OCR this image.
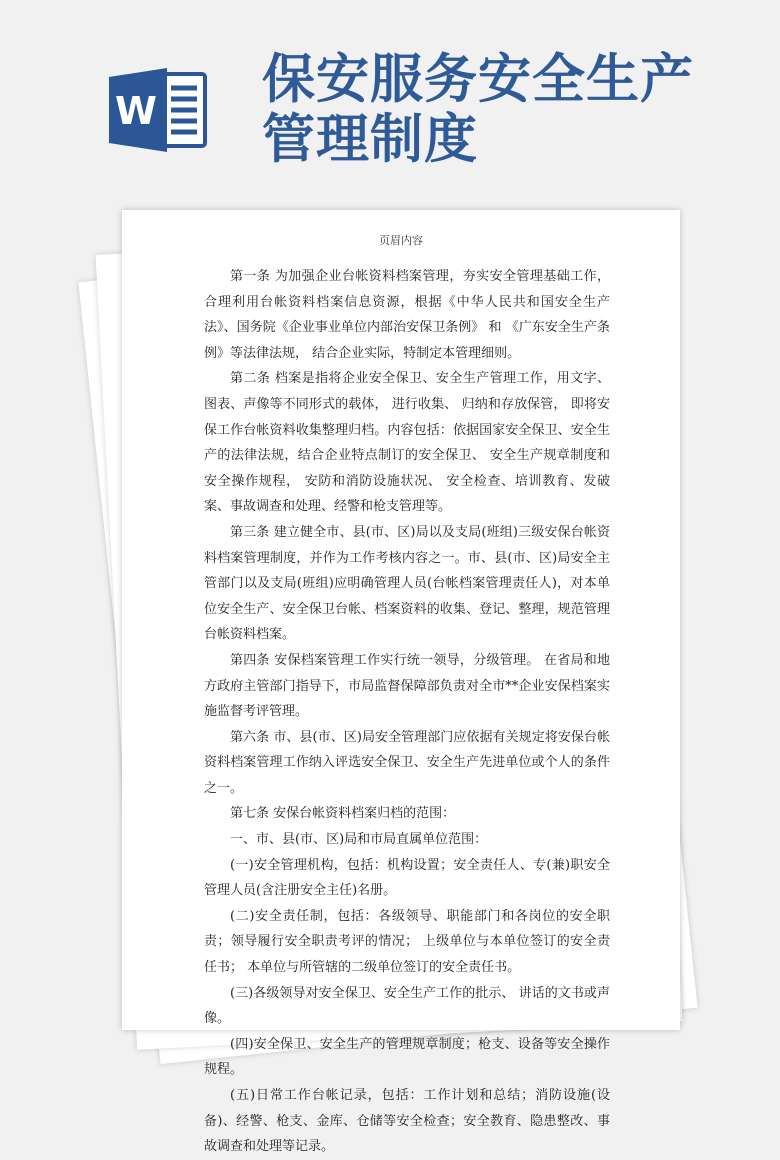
W
保安服务安全生产
管理制度
页眉内容

第一条 为加强企业台帐资料档案管理，夯实安全管理基础工作，合理利用台帐资料档案信息资源，根据《中华人民共和国安全生产法》、国务院《企业事业单位内部治安保卫条例》 和 《广东安全生产条例》等法律法规， 结合企业实际，特制定本管理细则。

第二条 档案是指将企业安全保卫、安全生产管理工作，用文字、图表、声像等不同形式的载体， 进行收集、 归纳和存放保管， 即将安保工作台帐资料收集整理归档。内容包括：依据国家安全保卫、安全生产的法律法规，结合企业特点制订的安全保卫、 安全生产规章制度和安全操作规程， 安防和消防设施状况、 安全检查、培训教育、发破案、事故调查和处理、经警和枪支管理等。

第三条 建立健全市、县(市、区)局以及支局(班组)三级安保台帐资料档案管理制度，并作为工作考核内容之一。市、县(市、区)局安全主管部门以及支局(班组)应明确管理人员(台帐档案管理责任人)，对本单位安全生产、安全保卫台帐、档案资料的收集、登记、整理，规范管理台帐资料档案。

第四条 安保档案管理工作实行统一领导，分级管理。 在省局和地方政府主管部门指导下，市局监督保障部负责对全市**企业安保档案实施监督考评管理。

第六条 市、县(市、区)局安全管理部门应依据有关规定将安保台帐资料档案管理工作纳入评选安全保卫、安全生产先进单位或个人的条件之一。

第七条 安保台帐资料档案归档的范围：

一、市、县(市、区)局和市局直属单位范围：

(一)安全管理机构，包括：机构设置；安全责任人、专(兼)职安全管理人员(含注册安全主任)名册。

(二)安全责任制，包括：各级领导、职能部门和各岗位的安全职责；领导履行安全职责考评的情况； 上级单位与本单位签订的安全责任书； 本单位与所管辖的二级单位签订的安全责任书。

(三)各级领导对安全保卫、安全生产工作的批示、 讲话的文书或声像。

(四)安全保卫、安全生产的管理规章制度；枪支、设备等安全操作规程。

(五)日常工作台帐记录，包括：工作计划和总结；消防设施(设备)、经警、枪支、金库、仓储等安全检查；安全教育、隐患整改、事故调查和处理等记录。
